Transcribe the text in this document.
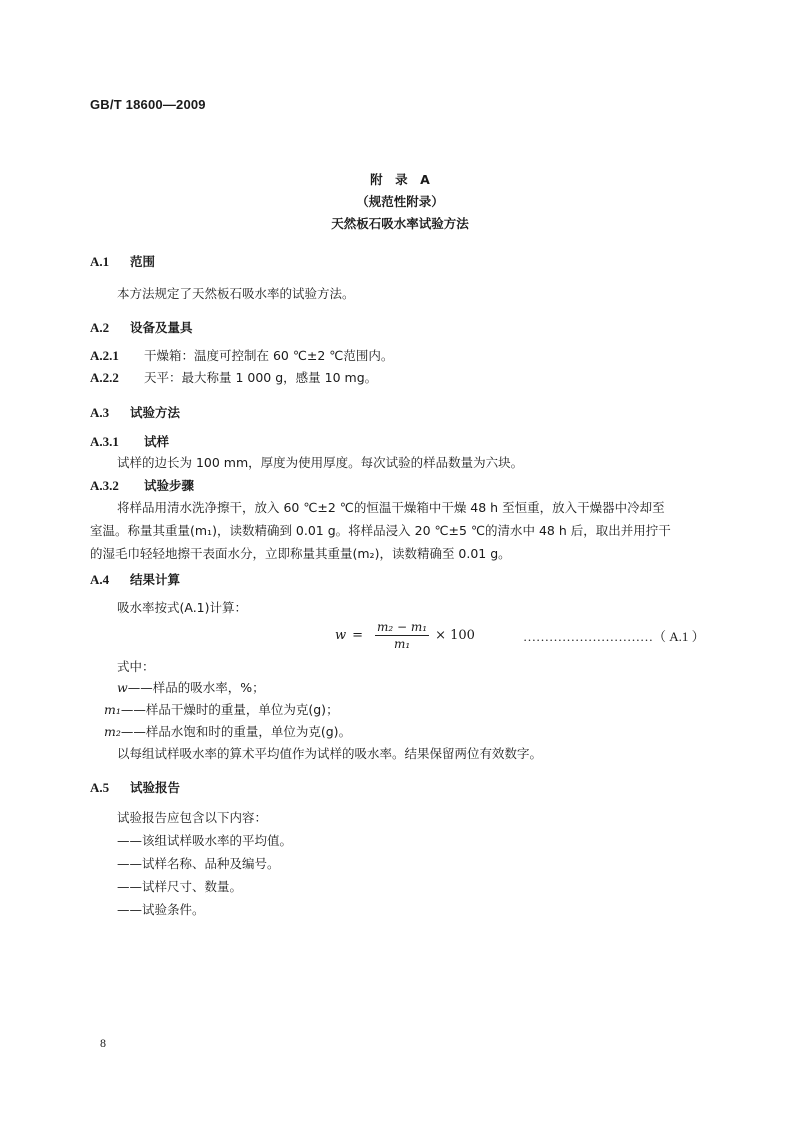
GB/T 18600—2009
附　录　A
（规范性附录）
天然板石吸水率试验方法
A.1 范围
本方法规定了天然板石吸水率的试验方法。
A.2 设备及量具
A.2.1 干燥箱：温度可控制在 60 ℃±2 ℃范围内。
A.2.2 天平：最大称量 1 000 g，感量 10 mg。
A.3 试验方法
A.3.1 试样
试样的边长为 100 mm，厚度为使用厚度。每次试验的样品数量为六块。
A.3.2 试验步骤
将样品用清水洗净擦干，放入 60 ℃±2 ℃的恒温干燥箱中干燥 48 h 至恒重，放入干燥器中冷却至
室温。称量其重量(m₁)，读数精确到 0.01 g。将样品浸入 20 ℃±5 ℃的清水中 48 h 后，取出并用拧干
的湿毛巾轻轻地擦干表面水分，立即称量其重量(m₂)，读数精确至 0.01 g。
A.4 结果计算
吸水率按式(A.1)计算：
$w = \frac{\text{m₂ − m₁}}{\text{m₁}} \times 100$	…………………………（ A.1 ）
式中：
w——样品的吸水率，%；
m₁——样品干燥时的重量，单位为克(g)；
m₂——样品水饱和时的重量，单位为克(g)。
以每组试样吸水率的算术平均值作为试样的吸水率。结果保留两位有效数字。
A.5 试验报告
试验报告应包含以下内容：
——该组试样吸水率的平均值。
——试样名称、品种及编号。
——试样尺寸、数量。
——试验条件。
8
